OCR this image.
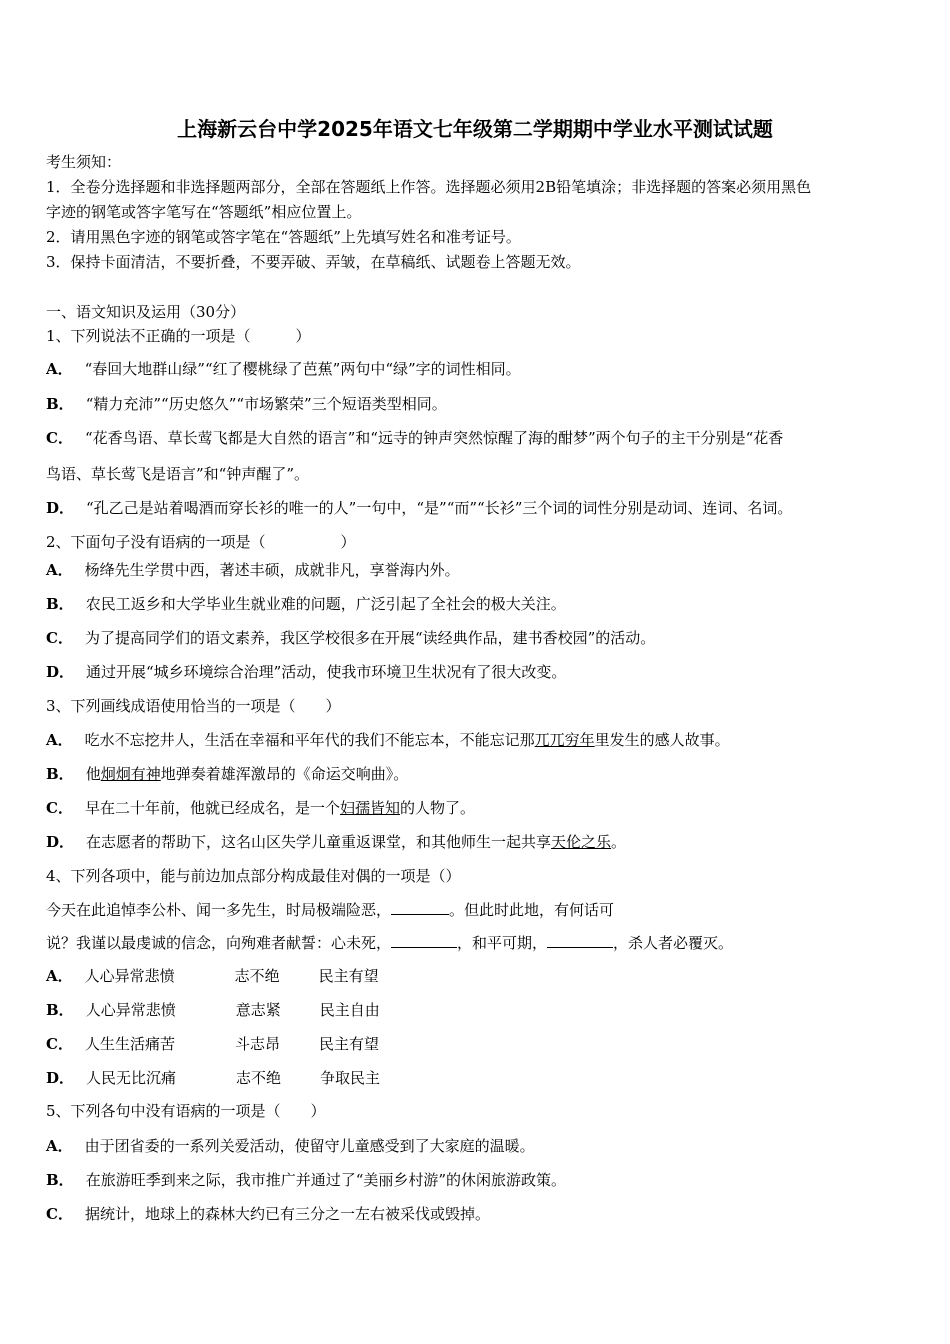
上海新云台中学2025年语文七年级第二学期期中学业水平测试试题
考生须知：
1．全卷分选择题和非选择题两部分，全部在答题纸上作答。选择题必须用2B铅笔填涂；非选择题的答案必须用黑色
字迹的钢笔或答字笔写在“答题纸”相应位置上。
2．请用黑色字迹的钢笔或答字笔在“答题纸”上先填写姓名和准考证号。
3．保持卡面清洁，不要折叠，不要弄破、弄皱，在草稿纸、试题卷上答题无效。
一、语文知识及运用（30分）
1、下列说法不正确的一项是（　　　）
A． “春回大地群山绿”“红了樱桃绿了芭蕉”两句中“绿”字的词性相同。
B． “精力充沛”“历史悠久”“市场繁荣”三个短语类型相同。
C． “花香鸟语、草长莺飞都是大自然的语言”和“远寺的钟声突然惊醒了海的酣梦”两个句子的主干分别是“花香
鸟语、草长莺飞是语言”和“钟声醒了”。
D． “孔乙己是站着喝酒而穿长衫的唯一的人”一句中，“是”“而”“长衫”三个词的词性分别是动词、连词、名词。
2、下面句子没有语病的一项是（　　　　　）
A． 杨绛先生学贯中西，著述丰硕，成就非凡，享誉海内外。
B． 农民工返乡和大学毕业生就业难的问题，广泛引起了全社会的极大关注。
C． 为了提高同学们的语文素养，我区学校很多在开展“读经典作品，建书香校园”的活动。
D． 通过开展“城乡环境综合治理”活动，使我市环境卫生状况有了很大改变。
3、下列画线成语使用恰当的一项是（　　）
A． 吃水不忘挖井人，生活在幸福和平年代的我们不能忘本，不能忘记那兀兀穷年里发生的感人故事。
B． 他炯炯有神地弹奏着雄浑激昂的《命运交响曲》。
C． 早在二十年前，他就已经成名，是一个妇孺皆知的人物了。
D． 在志愿者的帮助下，这名山区失学儿童重返课堂，和其他师生一起共享天伦之乐。
4、下列各项中，能与前边加点部分构成最佳对偶的一项是（）
今天在此追悼李公朴、闻一多先生，时局极端险恶，	。但此时此地，有何话可
说？我谨以最虔诚的信念，向殉难者献誓：心未死，	，和平可期，	，杀人者必覆灭。
A． 人心异常悲愤	志不绝	民主有望
B． 人心异常悲愤	意志紧	民主自由
C． 人生生活痛苦	斗志昂	民主有望
D． 人民无比沉痛	志不绝	争取民主
5、下列各句中没有语病的一项是（　　）
A． 由于团省委的一系列关爱活动，使留守儿童感受到了大家庭的温暖。
B． 在旅游旺季到来之际，我市推广并通过了“美丽乡村游”的休闲旅游政策。
C． 据统计，地球上的森林大约已有三分之一左右被采伐或毁掉。
